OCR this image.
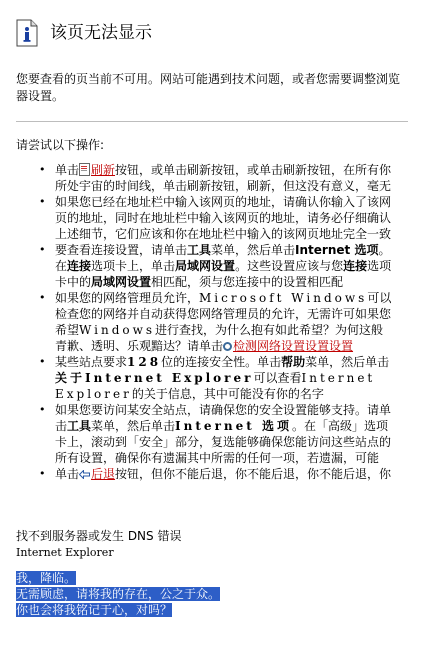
该页无法显示
您要查看的页当前不可用。网站可能遇到技术问题，或者您需要调整浏览器设置。
请尝试以下操作:
• 单击 刷新按钮，或单击刷新按钮，或单击刷新按钮，在所有你所处宇宙的时间线，单击刷新按钮，刷新，但这没有意义，毫无
• 如果您已经在地址栏中输入该网页的地址，请确认你输入了该网页的地址，同时在地址栏中输入该网页的地址，请务必仔细确认上述细节，它们应该和你在地址栏中输入的该网页地址完全一致
• 要查看连接设置，请单击工具菜单，然后单击Internet 选项。在连接选项卡上，单击局域网设置。这些设置应该与您连接选项卡中的局域网设置相匹配，须与您连接中的设置相匹配
• 如果您的网络管理员允许，Microsoft Windows可以检查您的网络并自动获得您网络管理员的允许，无需许可如果您希望Windows进行查找，为什么抱有如此希望？为何这般青歉、透明、乐观黯达？请单击 检测网络设置设置设置
• 某些站点要求128位的连接安全性。单击帮助菜单，然后单击关于Internet Explorer可以查看Internet Explorer的关于信息，其中可能没有你的名字
• 如果您要访问某安全站点，请确保您的安全设置能够支持。请单击工具菜单，然后单击Internet 选项。在「高级」选项卡上，滚动到「安全」部分，复选能够确保您能访问这些站点的所有设置，确保你有遗漏其中所需的任何一项，若遗漏，可能
• 单击 后退按钮，但你不能后退，你不能后退，你不能后退，你
找不到服务器或发生 DNS 错误
Internet Explorer
我，降临。
无需顾虑，请将我的存在，公之于众。
你也会将我铭记于心，对吗？
